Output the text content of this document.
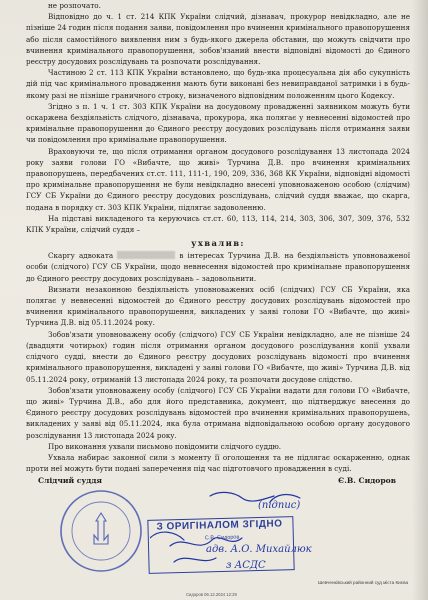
не розпочато.

Відповідно до ч. 1 ст. 214 КПК України слідчий, дізнавач, прокурор невідкладно, але не пізніше 24 годин після подання заяви, повідомлення про вчинення кримінального правопорушення або після самостійного виявлення ним з будь-якого джерела обставин, що можуть свідчити про вчинення кримінального правопорушення, зобов'язаний внести відповідні відомості до Єдиного реєстру досудових розслідувань та розпочати розслідування.

Частиною 2 ст. 113 КПК України встановлено, що будь-яка процесуальна дія або сукупність дій під час кримінального провадження мають бути виконані без невиправданої затримки і в будь-якому разі не пізніше граничного строку, визначеного відповідним положенням цього Кодексу.

Згідно з п. 1 ч. 1 ст. 303 КПК України на досудовому провадженні заявником можуть бути оскаржена бездіяльність слідчого, дізнавача, прокурора, яка полягає у невнесенні відомостей про кримінальне правопорушення до Єдиного реєстру досудових розслідувань після отримання заяви чи повідомлення про кримінальне правопорушення.

Враховуючи те, що після отримання органом досудового розслідування 13 листопада 2024 року заяви голови ГО «Вибачте, що живі» Турчина Д.В. про вчинення кримінальних правопорушень, передбачених ст.ст. 111, 111-1, 190, 209, 336, 368 КК України, відповідні відомості про кримінальне правопорушення не були невідкладно внесені уповноваженою особою (слідчим) ГСУ СБ України до Єдиного реєстру досудових розслідувань, слідчий суддя вважає, що скарга, подана в порядку ст. 303 КПК України, підлягає задоволенню.

На підставі викладеного та керуючись ст.ст. 60, 113, 114, 214, 303, 306, 307, 309, 376, 532 КПК України, слідчий суддя –

ухвалив:

Скаргу адвоката	в інтересах Турчина Д.В. на бездіяльність уповноваженої особи (слідчого) ГСУ СБ України, щодо невнесення відомостей про кримінальне правопорушення до Єдиного реєстру досудових розслідувань – задовольнити.

Визнати незаконною бездіяльність уповноважених осіб (слідчих) ГСУ СБ України, яка полягає у невнесенні відомостей до Єдиного реєстру досудових розслідувань відомостей про вчинення кримінального правопорушення, викладених у заяві голови ГО «Вибачте, що живі» Турчина Д.В. від 05.11.2024 року.

Зобов'язати уповноважену особу (слідчого) ГСУ СБ України невідкладно, але не пізніше 24 (двадцяти чотирьох) годин після отримання органом досудового розслідування копії ухвали слідчого судді, внести до Єдиного реєстру досудових розслідувань відомості про вчинення кримінального правопорушення, викладені у заяві голови ГО «Вибачте, що живі» Турчина Д.В. від 05.11.2024 року, отриманій 13 листопада 2024 року, та розпочати досудове слідство.

Зобов'язати уповноважену особу (слідчого) ГСУ СБ України надати для голови ГО «Вибачте, що живі» Турчина Д.В., або для його представника, документ, що підтверджує внесення до Єдиного реєстру досудових розслідувань відомостей про вчинення кримінальних правопорушень, викладених у заяві від 05.11.2024, яка була отримана відповідальною особою органу досудового розслідування 13 листопада 2024 року.

Про виконання ухвали письмово повідомити слідчого суддю.

Ухвала набирає законної сили з моменту її оголошення та не підлягає оскарженню, однак проти неї можуть бути подані заперечення під час підготовчого провадження в суді.

Слідчий суддя	Є.В. Сидоров
(підпис)
адв. А.О. Михайлюк
з АСДС
З ОРИГІНАЛОМ ЗГІДНО
С.В. Сидоров
Шевченківський районний суд міста Києва
Сидоров 06.12.2024 12:29
